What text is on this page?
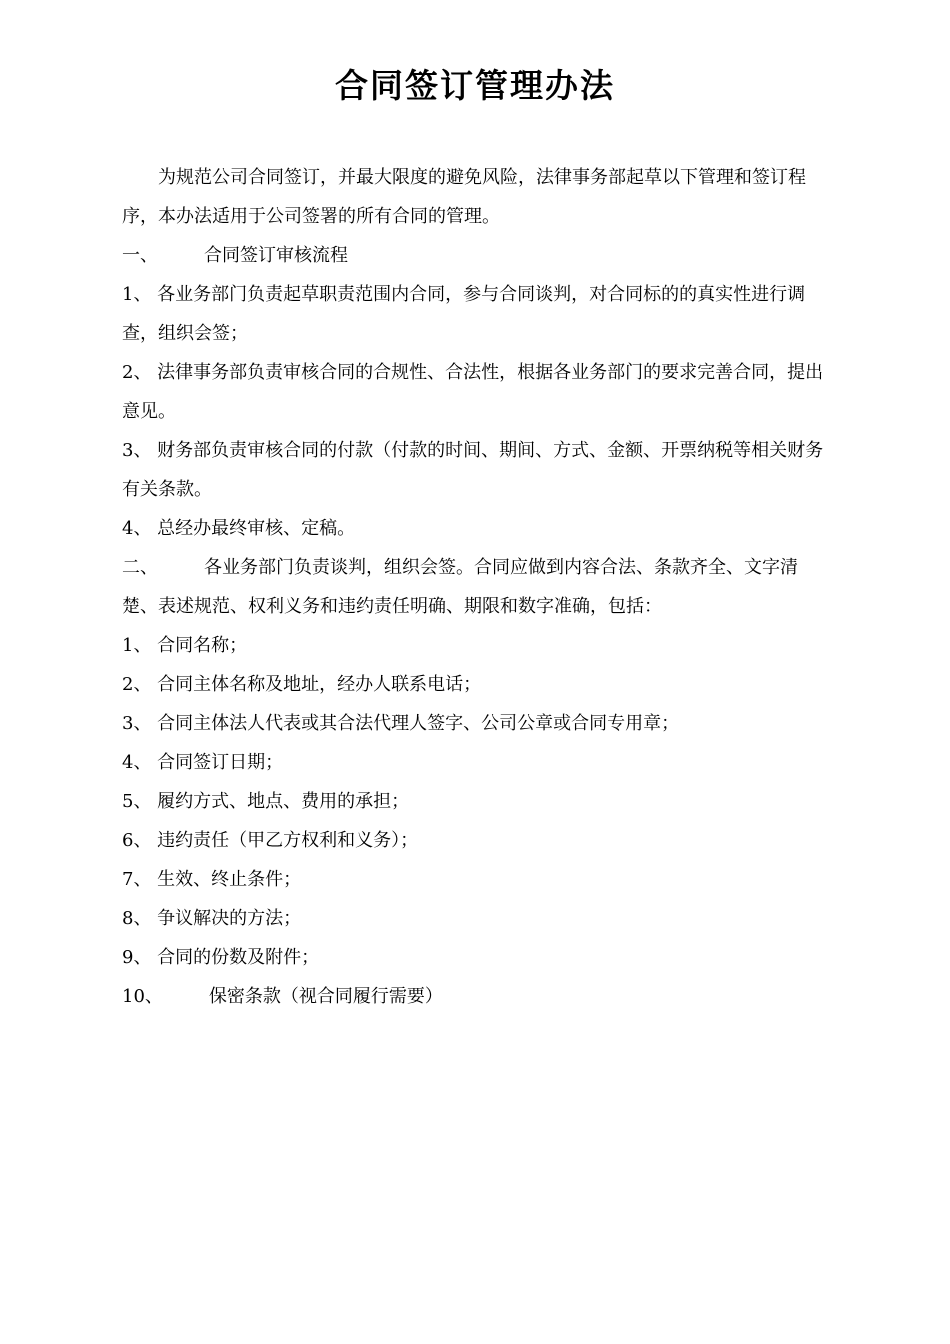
合同签订管理办法

为规范公司合同签订，并最大限度的避免风险，法律事务部起草以下管理和签订程序，本办法适用于公司签署的所有合同的管理。

一、	合同签订审核流程

1、 各业务部门负责起草职责范围内合同，参与合同谈判，对合同标的的真实性进行调查，组织会签；

2、 法律事务部负责审核合同的合规性、合法性，根据各业务部门的要求完善合同，提出意见。

3、 财务部负责审核合同的付款（付款的时间、期间、方式、金额、开票纳税等相关财务有关条款。

4、 总经办最终审核、定稿。

二、	各业务部门负责谈判，组织会签。合同应做到内容合法、条款齐全、文字清 楚、表述规范、权利义务和违约责任明确、期限和数字准确，包括：

1、 合同名称；

2、 合同主体名称及地址，经办人联系电话；

3、 合同主体法人代表或其合法代理人签字、公司公章或合同专用章；

4、 合同签订日期；

5、 履约方式、地点、费用的承担；

6、 违约责任（甲乙方权利和义务）；

7、 生效、终止条件；

8、 争议解决的方法；

9、 合同的份数及附件；

10、	保密条款（视合同履行需要）
